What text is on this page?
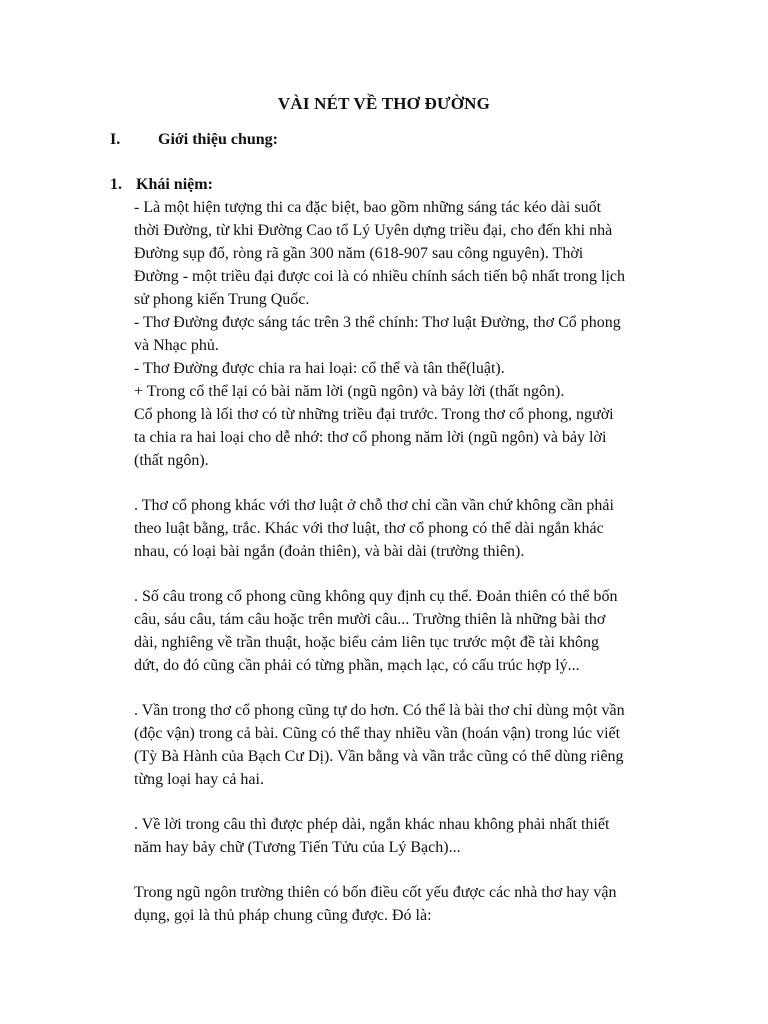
VÀI NÉT VỀ THƠ ĐƯỜNG
I. Giới thiệu chung:
1. Khái niệm:

- Là một hiện tượng thi ca đặc biệt, bao gồm những sáng tác kéo dài suốt

thời Đường, từ khi Đường Cao tổ Lý Uyên dựng triều đại, cho đến khi nhà

Đường sụp đổ, ròng rã gần 300 năm (618-907 sau công nguyên). Thời

Đường - một triều đại được coi là có nhiều chính sách tiến bộ nhất trong lịch

sử phong kiến Trung Quốc.

- Thơ Đường được sáng tác trên 3 thể chính: Thơ luật Đường, thơ Cổ phong

và Nhạc phủ.

- Thơ Đường được chia ra hai loại: cổ thể và tân thể(luật).

+ Trong cổ thể lại có bài năm lời (ngũ ngôn) và bảy lời (thất ngôn).

Cổ phong là lối thơ có từ những triều đại trước. Trong thơ cổ phong, người

ta chia ra hai loại cho dễ nhớ: thơ cổ phong năm lời (ngũ ngôn) và bảy lời

(thất ngôn).

. Thơ cổ phong khác với thơ luật ở chỗ thơ chỉ cần vần chứ không cần phải

theo luật bằng, trắc. Khác với thơ luật, thơ cổ phong có thể dài ngắn khác

nhau, có loại bài ngắn (đoản thiên), và bài dài (trường thiên).

. Số câu trong cổ phong cũng không quy định cụ thể. Đoản thiên có thể bốn

câu, sáu câu, tám câu hoặc trên mười câu... Trường thiên là những bài thơ

dài, nghiêng về trần thuật, hoặc biểu cảm liên tục trước một đề tài không

dứt, do đó cũng cần phải có từng phần, mạch lạc, có cấu trúc hợp lý...

. Vần trong thơ cổ phong cũng tự do hơn. Có thể là bài thơ chỉ dùng một vần

(độc vận) trong cả bài. Cũng có thể thay nhiều vần (hoán vận) trong lúc viết

(Tỳ Bà Hành của Bạch Cư Dị). Vần bằng và vần trắc cũng có thể dùng riêng

từng loại hay cả hai.

. Về lời trong câu thì được phép dài, ngắn khác nhau không phải nhất thiết

năm hay bảy chữ (Tương Tiến Tửu của Lý Bạch)...

Trong ngũ ngôn trường thiên có bốn điều cốt yếu được các nhà thơ hay vận

dụng, gọi là thủ pháp chung cũng được. Đó là:
